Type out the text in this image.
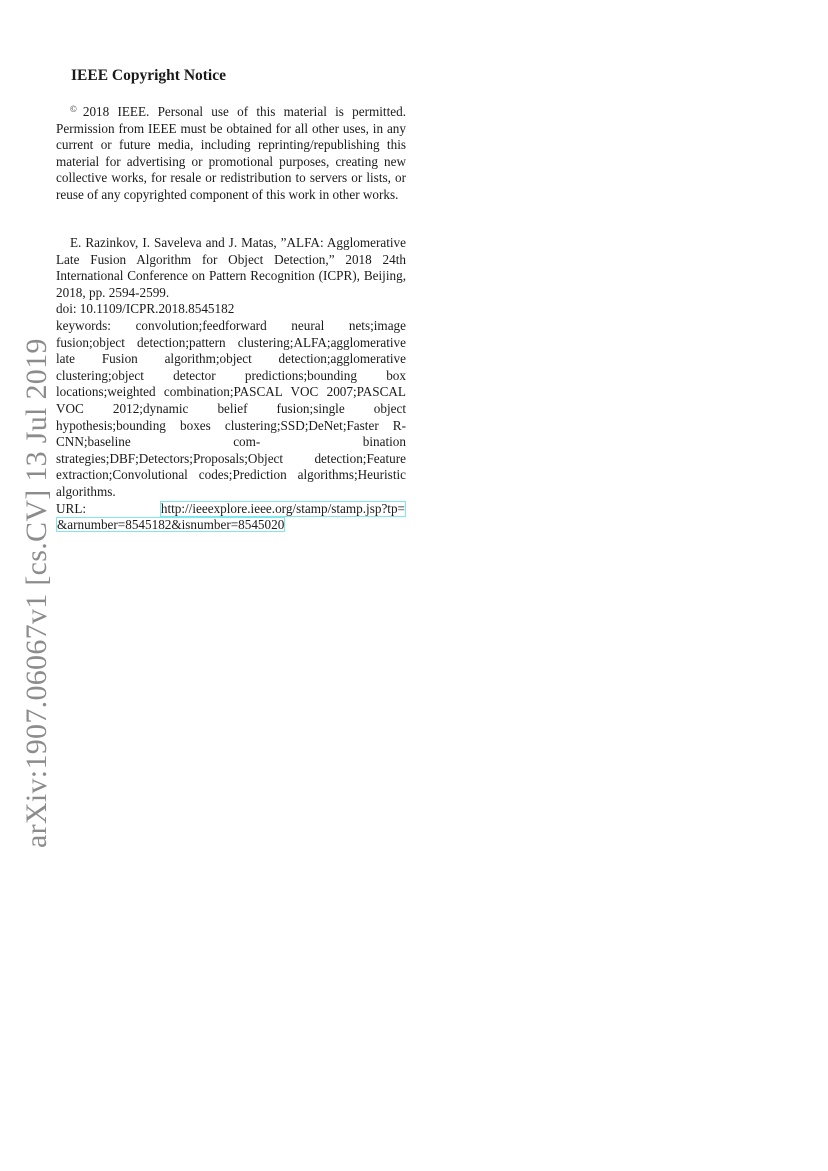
IEEE Copyright Notice

© 2018 IEEE. Personal use of this material is permitted. Permission from IEEE must be obtained for all other uses, in any current or future media, including reprinting/republishing this material for advertising or promotional purposes, creating new collective works, for resale or redistribution to servers or lists, or reuse of any copyrighted component of this work in other works.

E. Razinkov, I. Saveleva and J. Matas, ”ALFA: Agglomerative Late Fusion Algorithm for Object Detection,” 2018 24th International Conference on Pattern Recognition (ICPR), Beijing, 2018, pp. 2594-2599.
doi: 10.1109/ICPR.2018.8545182
keywords: convolution;feedforward neural nets;image fusion;object detection;pattern clustering;ALFA;agglomerative late Fusion algorithm;object detection;agglomerative clustering;object detector predictions;bounding box locations;weighted combination;PASCAL VOC 2007;PASCAL VOC 2012;dynamic belief fusion;single object hypothesis;bounding boxes clustering;SSD;DeNet;Faster R-CNN;baseline com- bination strategies;DBF;Detectors;Proposals;Object detection;Feature extraction;Convolutional codes;Prediction algorithms;Heuristic algorithms.
URL:	http://ieeexplore.ieee.org/stamp/stamp.jsp?tp=
&arnumber=8545182&isnumber=8545020
arXiv:1907.06067v1 [cs.CV] 13 Jul 2019
